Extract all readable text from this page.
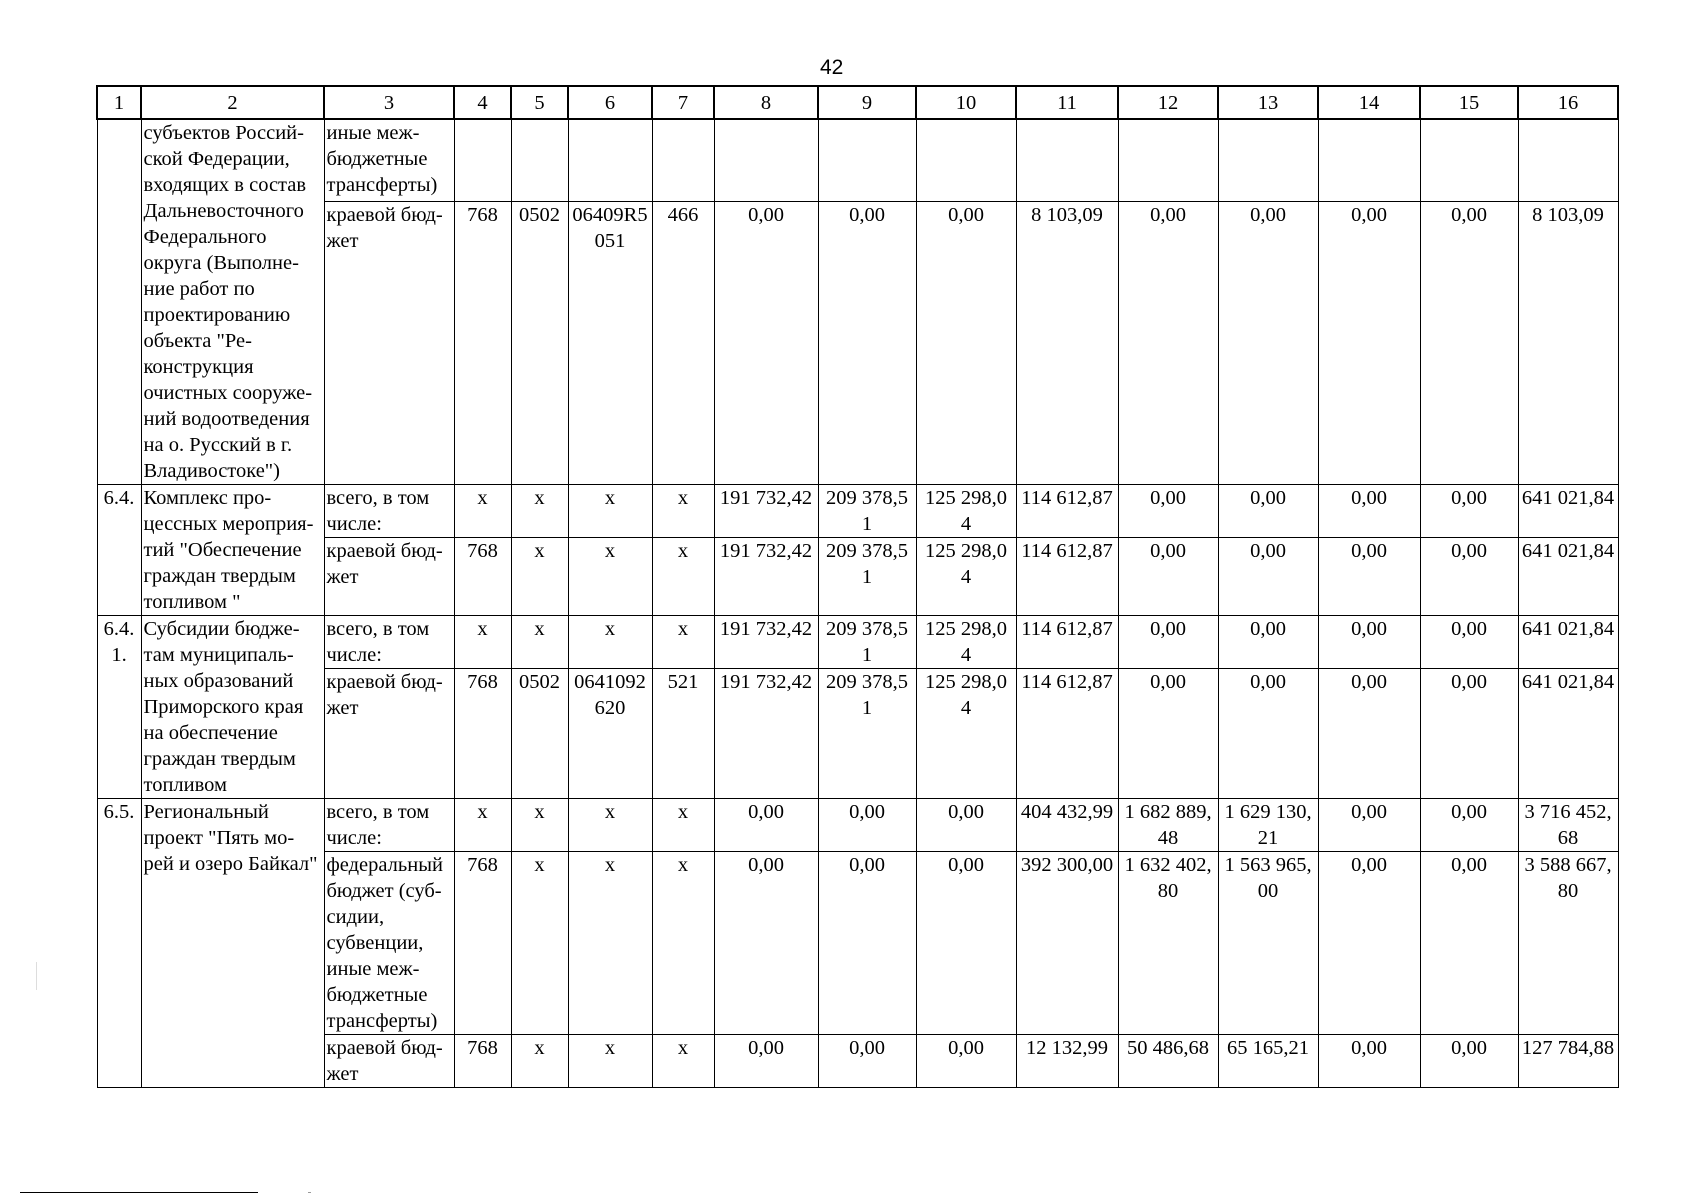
42
1	2	3	4	5	6	7	8	9	10	11	12	13	14	15	16
	субъектов Россий-ской Федерации, входящих в состав Дальневосточного Федерального округа (Выполне-ние работ по проектированию объекта "Ре-конструкция очистных сооруже-ний водоотведения на о. Русский в г. Владивостоке")	иные меж-бюджетные трансферты)													
		краевой бюд-жет	768	0502	06409R5 051	466	0,00	0,00	0,00	8 103,09	0,00	0,00	0,00	0,00	8 103,09
6.4.	Комплекс про-цессных мероприя-тий "Обеспечение граждан твердым топливом "	всего, в том числе:	х	х	х	х	191 732,42	209 378,5 1	125 298,0 4	114 612,87	0,00	0,00	0,00	0,00	641 021,84
		краевой бюд-жет	768	х	х	х	191 732,42	209 378,5 1	125 298,0 4	114 612,87	0,00	0,00	0,00	0,00	641 021,84
6.4. 1.	Субсидии бюдже-там муниципаль-ных образований Приморского края на обеспечение граждан твердым топливом	всего, в том числе:	х	х	х	х	191 732,42	209 378,5 1	125 298,0 4	114 612,87	0,00	0,00	0,00	0,00	641 021,84
		краевой бюд-жет	768	0502	0641092 620	521	191 732,42	209 378,5 1	125 298,0 4	114 612,87	0,00	0,00	0,00	0,00	641 021,84
6.5.	Региональный проект "Пять мо-рей и озеро Байкал"	всего, в том числе:	х	х	х	х	0,00	0,00	0,00	404 432,99	1 682 889, 48	1 629 130, 21	0,00	0,00	3 716 452, 68
		федеральный бюджет (суб-сидии, субвенции, иные меж-бюджетные трансферты)	768	х	х	х	0,00	0,00	0,00	392 300,00	1 632 402, 80	1 563 965, 00	0,00	0,00	3 588 667, 80
		краевой бюд-жет	768	х	х	х	0,00	0,00	0,00	12 132,99	50 486,68	65 165,21	0,00	0,00	127 784,88
